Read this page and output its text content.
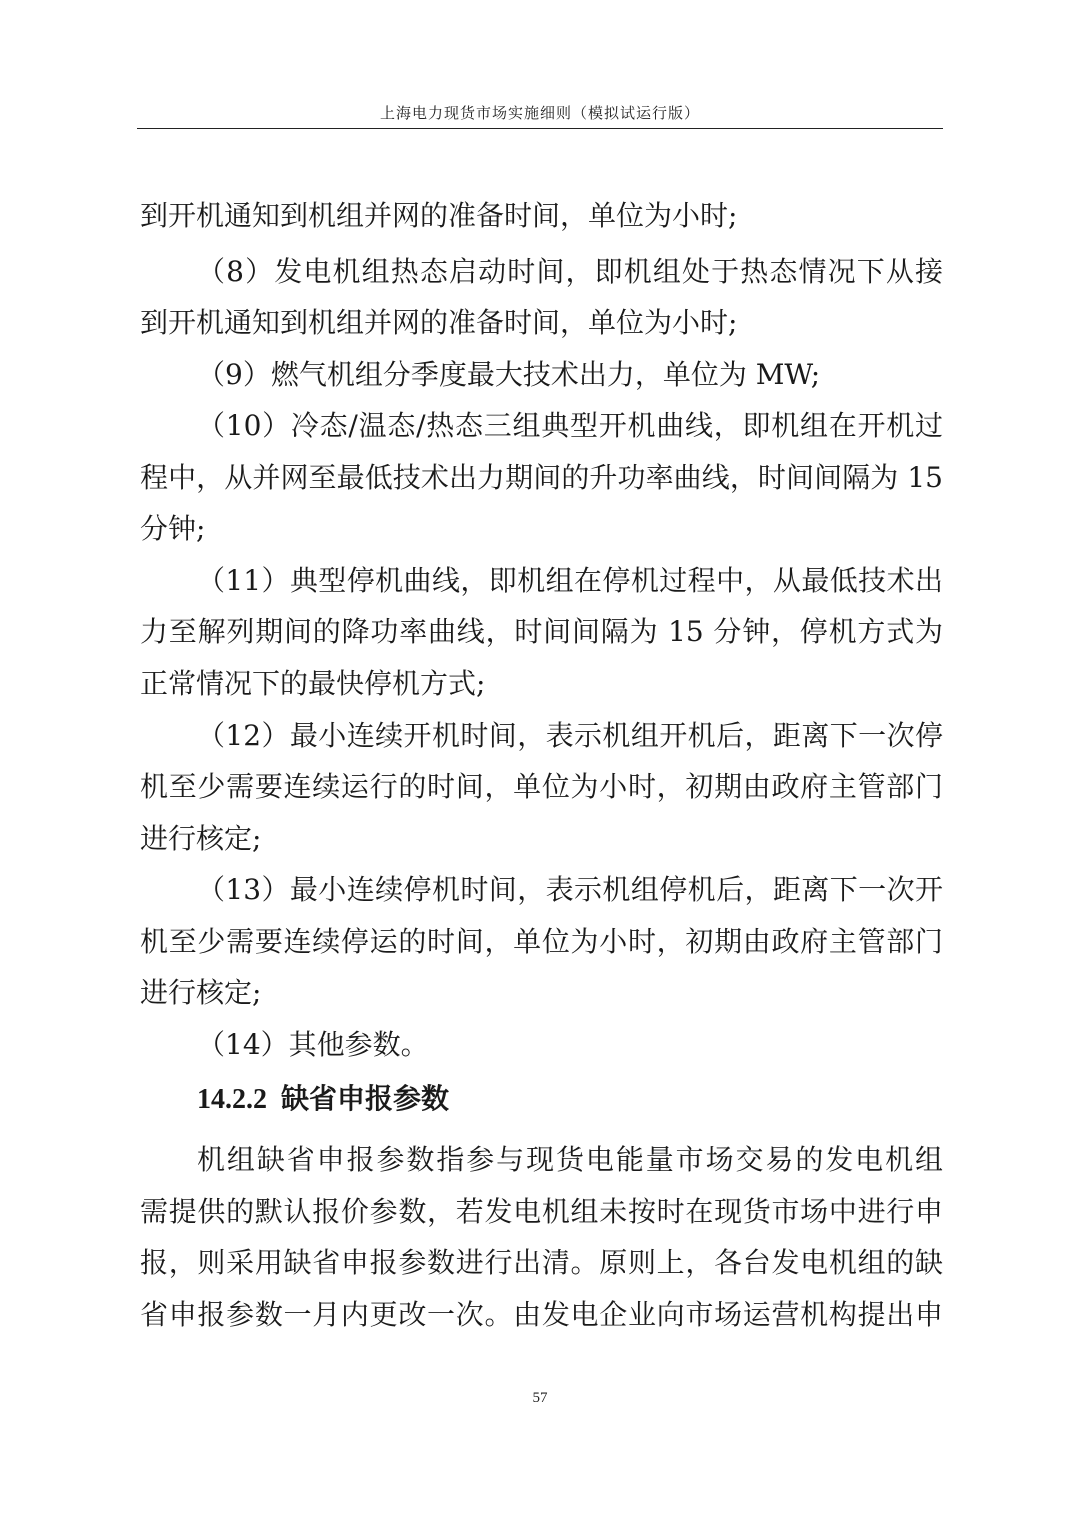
上海电力现货市场实施细则（模拟试运行版）
到开机通知到机组并网的准备时间，单位为小时;
（8）发电机组热态启动时间，即机组处于热态情况下从接
到开机通知到机组并网的准备时间，单位为小时;
（9）燃气机组分季度最大技术出力，单位为 MW;
（10）冷态/温态/热态三组典型开机曲线，即机组在开机过
程中，从并网至最低技术出力期间的升功率曲线，时间间隔为 15
分钟;
（11）典型停机曲线，即机组在停机过程中，从最低技术出
力至解列期间的降功率曲线，时间间隔为 15 分钟，停机方式为
正常情况下的最快停机方式;
（12）最小连续开机时间，表示机组开机后，距离下一次停
机至少需要连续运行的时间，单位为小时，初期由政府主管部门
进行核定;
（13）最小连续停机时间，表示机组停机后，距离下一次开
机至少需要连续停运的时间，单位为小时，初期由政府主管部门
进行核定;
（14）其他参数。
14.2.2 缺省申报参数
机组缺省申报参数指参与现货电能量市场交易的发电机组
需提供的默认报价参数，若发电机组未按时在现货市场中进行申
报，则采用缺省申报参数进行出清。原则上，各台发电机组的缺
省申报参数一月内更改一次。由发电企业向市场运营机构提出申
57
